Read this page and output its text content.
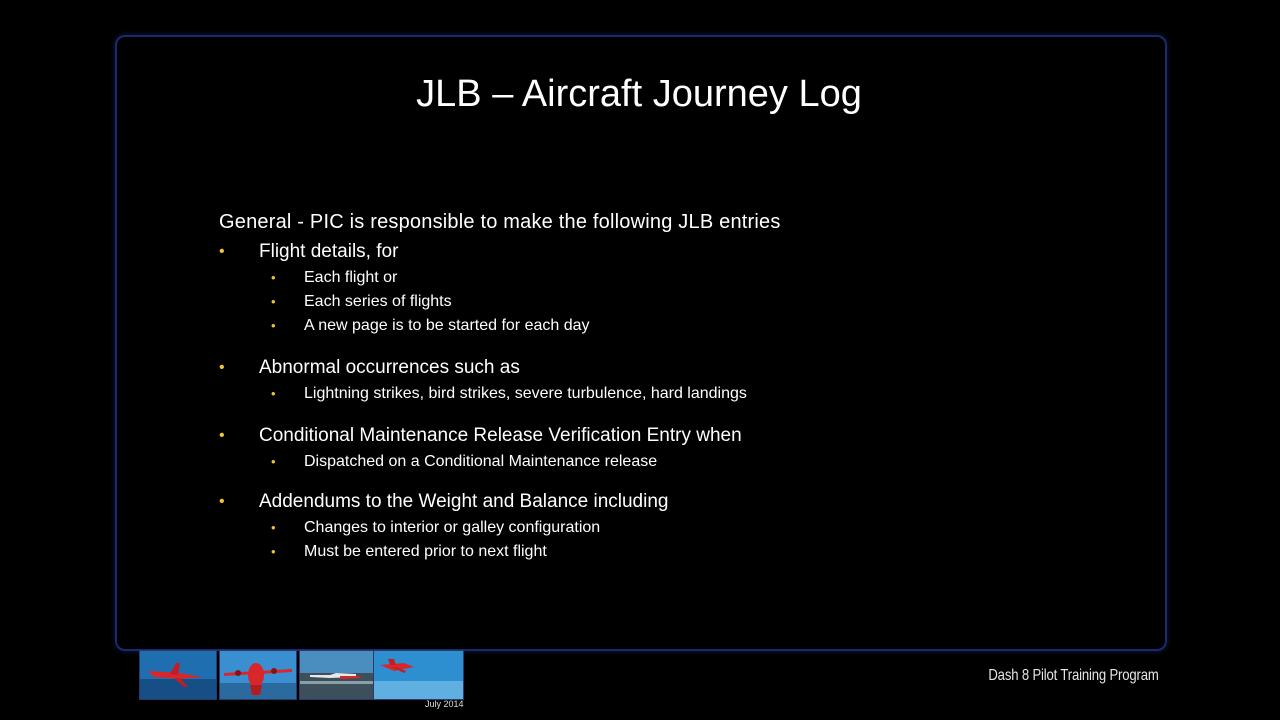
JLB – Aircraft Journey Log
General - PIC is responsible to make the following JLB entries
• Flight details, for
• Each flight or
• Each series of flights
• A new page is to be started for each day
• Abnormal occurrences such as
• Lightning strikes, bird strikes, severe turbulence, hard landings
• Conditional Maintenance Release Verification Entry when
• Dispatched on a Conditional Maintenance release
• Addendums to the Weight and Balance including
• Changes to interior or galley configuration
• Must be entered prior to next flight
July 2014
Dash 8 Pilot Training Program
